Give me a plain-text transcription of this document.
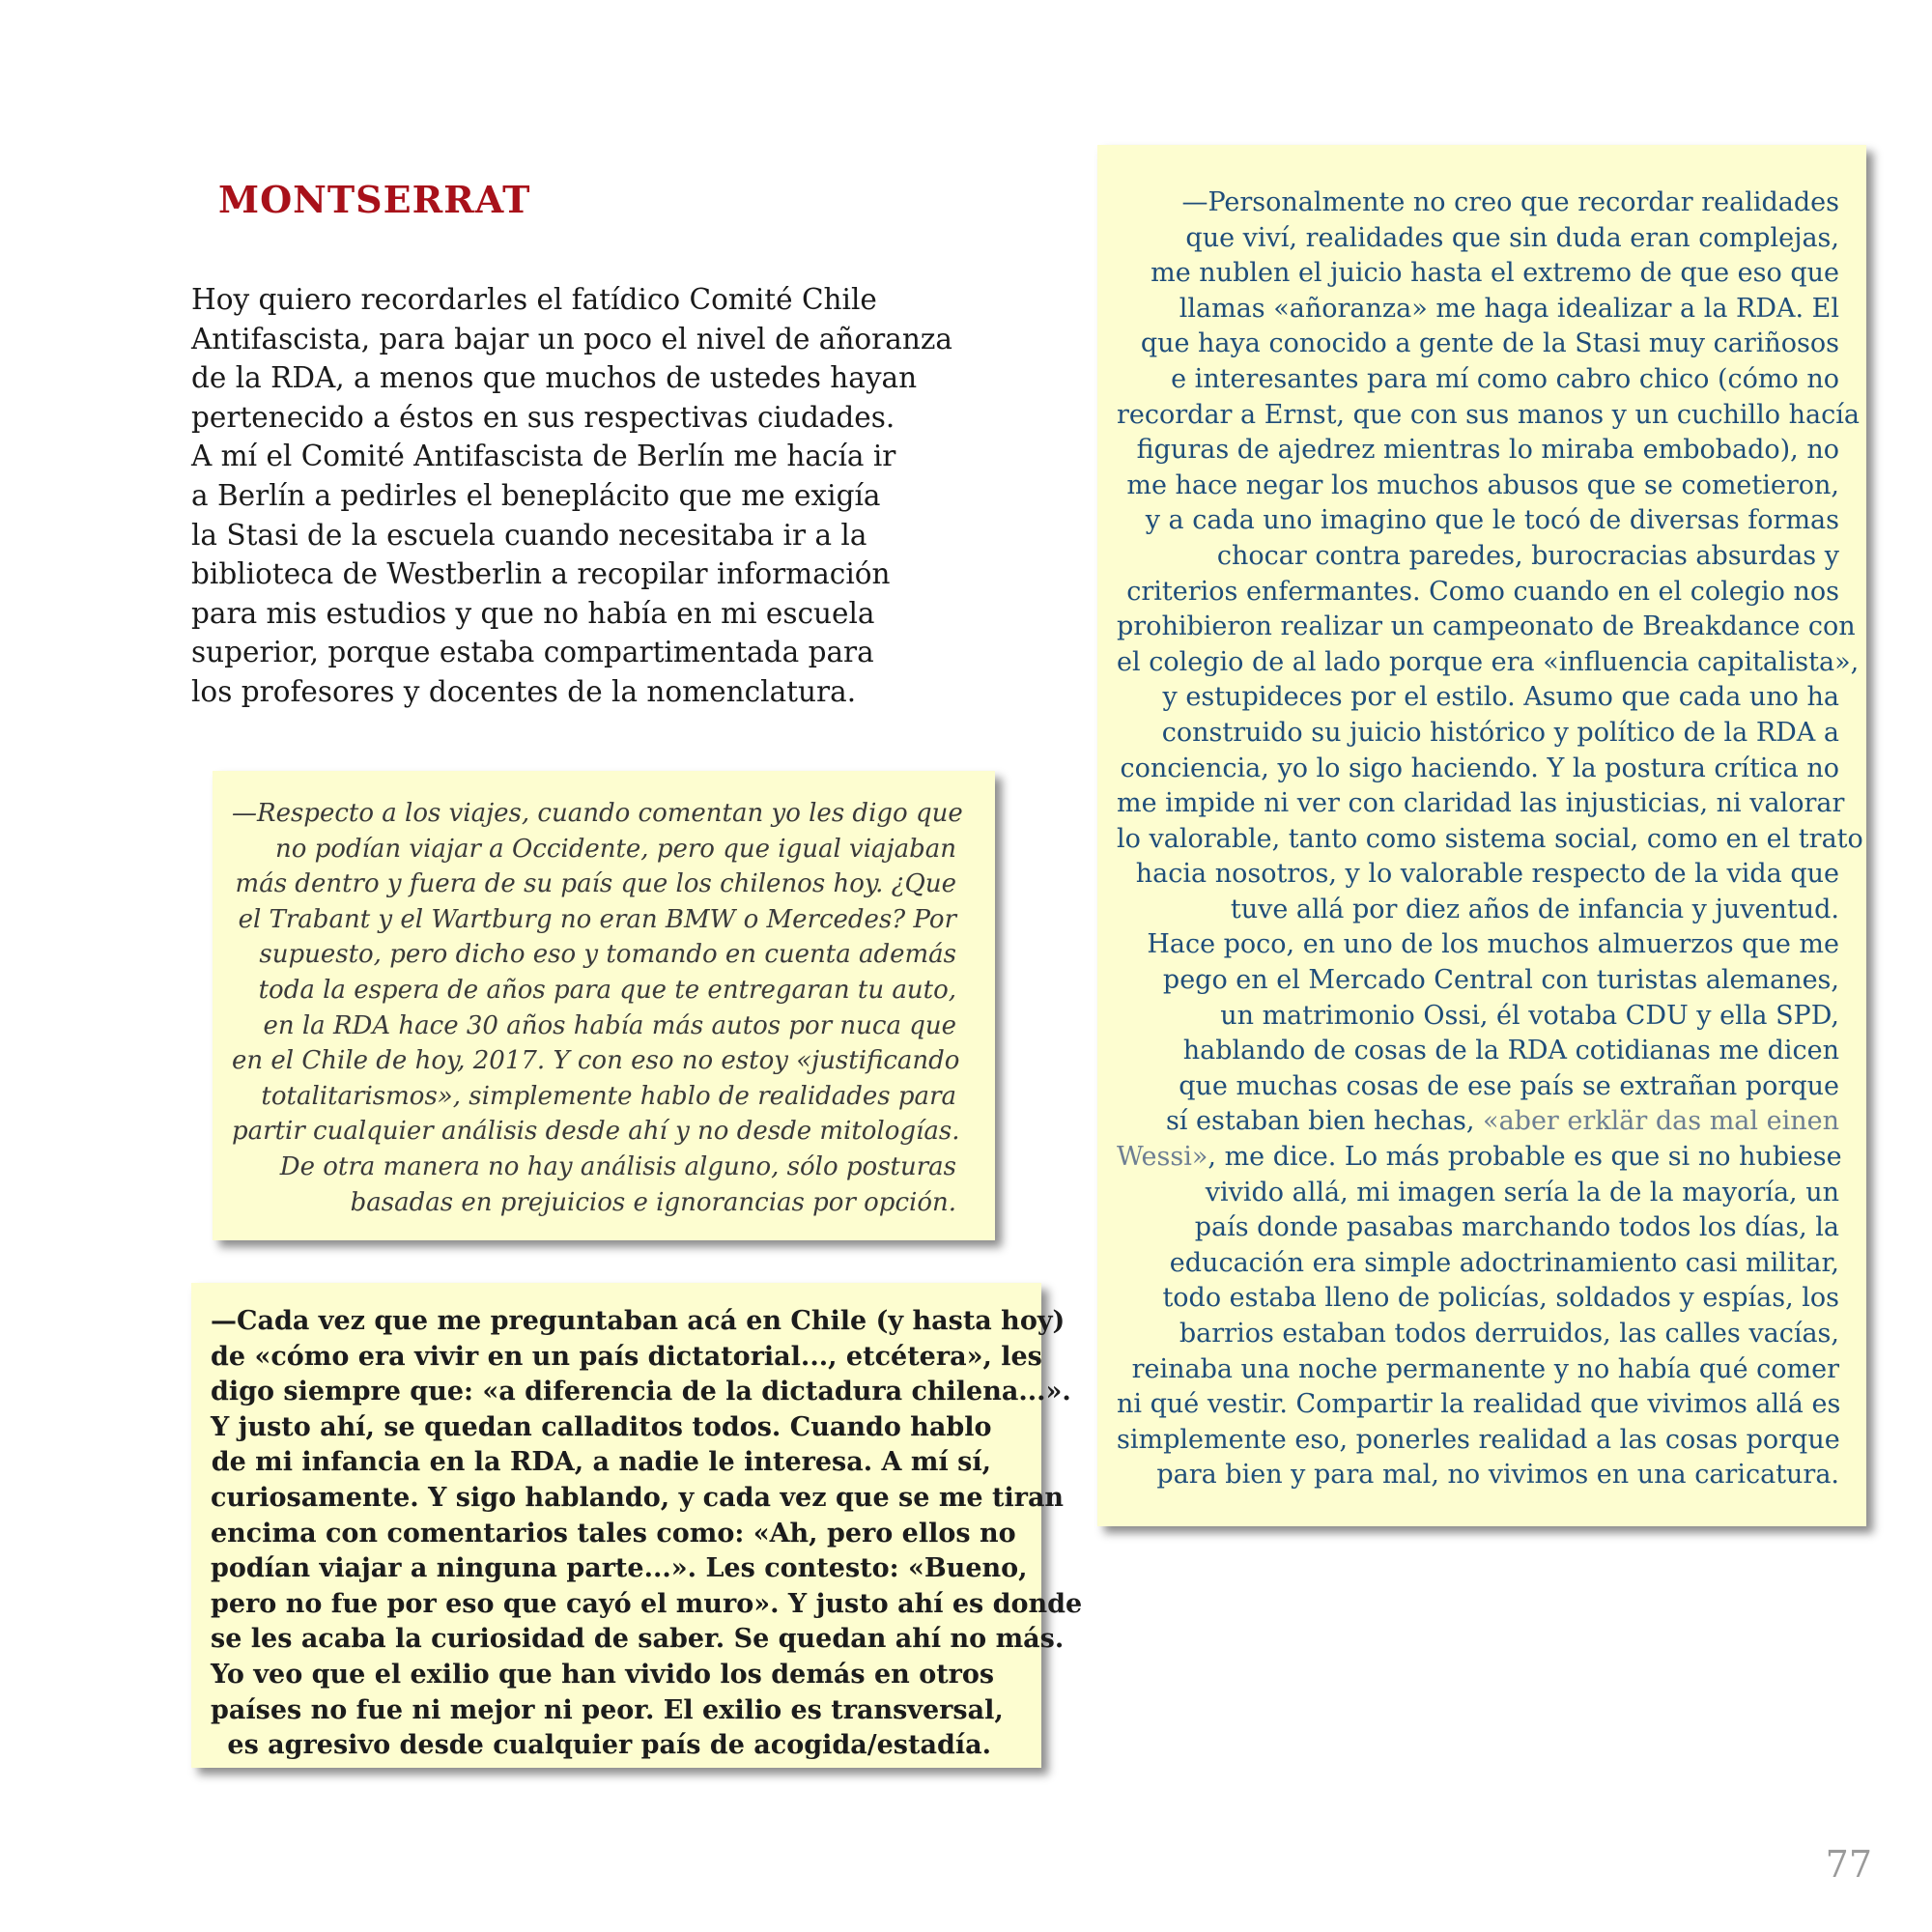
MONTSERRAT

Hoy quiero recordarles el fatídico Comité Chile
Antifascista, para bajar un poco el nivel de añoranza
de la RDA, a menos que muchos de ustedes hayan
pertenecido a éstos en sus respectivas ciudades.
A mí el Comité Antifascista de Berlín me hacía ir
a Berlín a pedirles el beneplácito que me exigía
la Stasi de la escuela cuando necesitaba ir a la
biblioteca de Westberlin a recopilar información
para mis estudios y que no había en mi escuela
superior, porque estaba compartimentada para
los profesores y docentes de la nomenclatura.

—Respecto a los viajes, cuando comentan yo les digo que
no podían viajar a Occidente, pero que igual viajaban
más dentro y fuera de su país que los chilenos hoy. ¿Que
el Trabant y el Wartburg no eran BMW o Mercedes? Por
supuesto, pero dicho eso y tomando en cuenta además
toda la espera de años para que te entregaran tu auto,
en la RDA hace 30 años había más autos por nuca que
en el Chile de hoy, 2017. Y con eso no estoy «justificando
totalitarismos», simplemente hablo de realidades para
partir cualquier análisis desde ahí y no desde mitologías.
De otra manera no hay análisis alguno, sólo posturas
basadas en prejuicios e ignorancias por opción.
—Cada vez que me preguntaban acá en Chile (y hasta hoy)
de «cómo era vivir en un país dictatorial..., etcétera», les
digo siempre que: «a diferencia de la dictadura chilena...».
Y justo ahí, se quedan calladitos todos. Cuando hablo
de mi infancia en la RDA, a nadie le interesa. A mí sí,
curiosamente. Y sigo hablando, y cada vez que se me tiran
encima con comentarios tales como: «Ah, pero ellos no
podían viajar a ninguna parte...». Les contesto: «Bueno,
pero no fue por eso que cayó el muro». Y justo ahí es donde
se les acaba la curiosidad de saber. Se quedan ahí no más.
Yo veo que el exilio que han vivido los demás en otros
países no fue ni mejor ni peor. El exilio es transversal,
es agresivo desde cualquier país de acogida/estadía.
—Personalmente no creo que recordar realidades
que viví, realidades que sin duda eran complejas,
me nublen el juicio hasta el extremo de que eso que
llamas «añoranza» me haga idealizar a la RDA. El
que haya conocido a gente de la Stasi muy cariñosos
e interesantes para mí como cabro chico (cómo no
recordar a Ernst, que con sus manos y un cuchillo hacía
figuras de ajedrez mientras lo miraba embobado), no
me hace negar los muchos abusos que se cometieron,
y a cada uno imagino que le tocó de diversas formas
chocar contra paredes, burocracias absurdas y
criterios enfermantes. Como cuando en el colegio nos
prohibieron realizar un campeonato de Breakdance con
el colegio de al lado porque era «influencia capitalista»,
y estupideces por el estilo. Asumo que cada uno ha
construido su juicio histórico y político de la RDA a
conciencia, yo lo sigo haciendo. Y la postura crítica no
me impide ni ver con claridad las injusticias, ni valorar
lo valorable, tanto como sistema social, como en el trato
hacia nosotros, y lo valorable respecto de la vida que
tuve allá por diez años de infancia y juventud.
Hace poco, en uno de los muchos almuerzos que me
pego en el Mercado Central con turistas alemanes,
un matrimonio Ossi, él votaba CDU y ella SPD,
hablando de cosas de la RDA cotidianas me dicen
que muchas cosas de ese país se extrañan porque
sí estaban bien hechas, «aber erklär das mal einen
Wessi», me dice. Lo más probable es que si no hubiese
vivido allá, mi imagen sería la de la mayoría, un
país donde pasabas marchando todos los días, la
educación era simple adoctrinamiento casi militar,
todo estaba lleno de policías, soldados y espías, los
barrios estaban todos derruidos, las calles vacías,
reinaba una noche permanente y no había qué comer
ni qué vestir. Compartir la realidad que vivimos allá es
simplemente eso, ponerles realidad a las cosas porque
para bien y para mal, no vivimos en una caricatura.

77
